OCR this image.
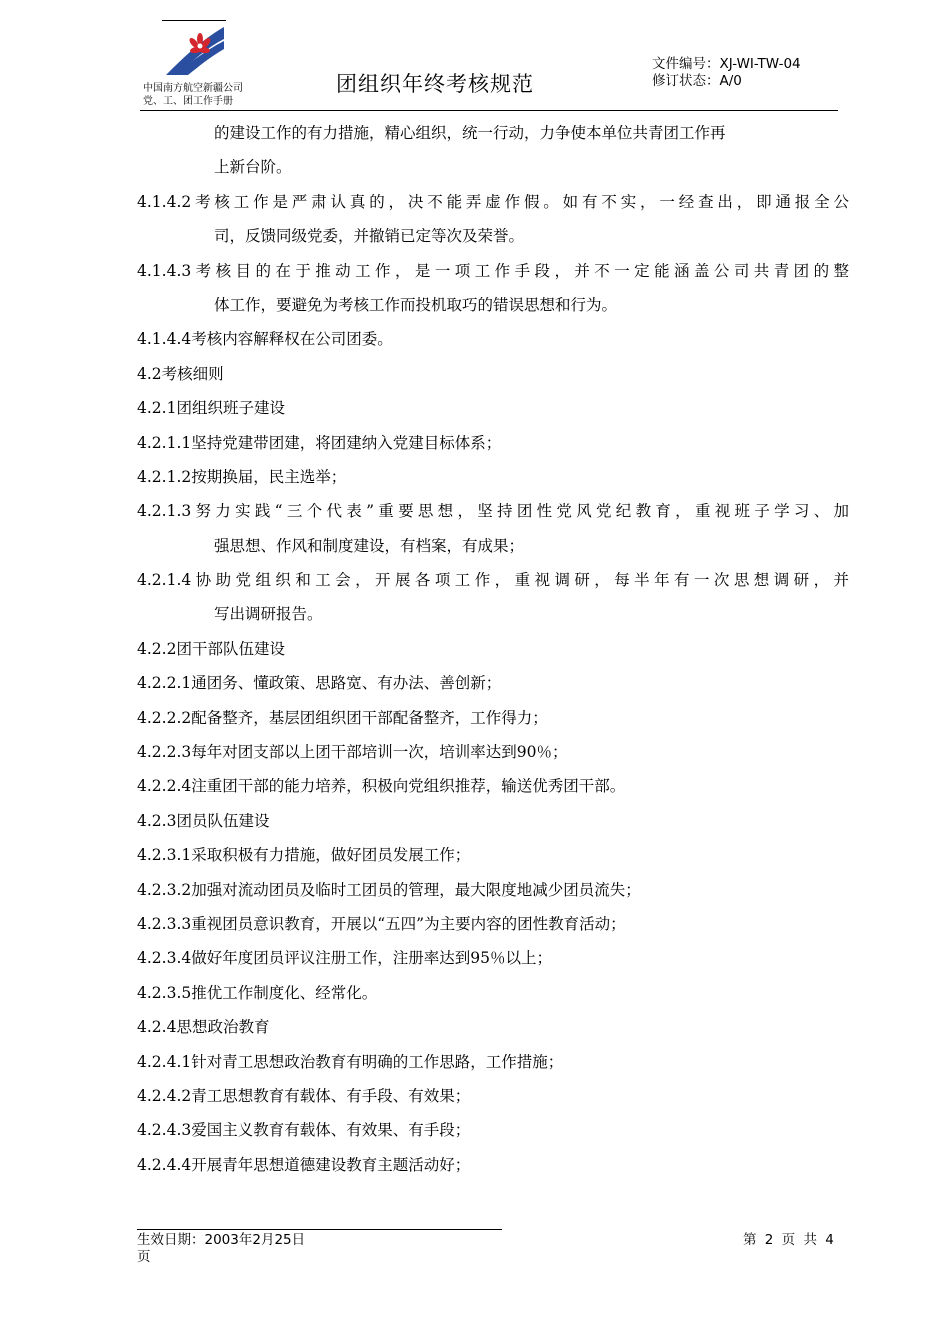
中国南方航空新疆公司
党、工、团工作手册
团组织年终考核规范
文件编号：XJ-WI-TW-04
修订状态：A/0
的建设工作的有力措施，精心组织，统一行动，力争使本单位共青团工作再
上新台阶。
4.1.4.2考核工作是严肃认真的，决不能弄虚作假。如有不实，一经查出，即通报全公
司，反馈同级党委，并撤销已定等次及荣誉。
4.1.4.3考核目的在于推动工作，是一项工作手段，并不一定能涵盖公司共青团的整
体工作，要避免为考核工作而投机取巧的错误思想和行为。
4.1.4.4考核内容解释权在公司团委。
4.2考核细则
4.2.1团组织班子建设
4.2.1.1坚持党建带团建，将团建纳入党建目标体系；
4.2.1.2按期换届，民主选举；
4.2.1.3努力实践“三个代表”重要思想，坚持团性党风党纪教育，重视班子学习、加
强思想、作风和制度建设，有档案，有成果；
4.2.1.4协助党组织和工会，开展各项工作，重视调研，每半年有一次思想调研，并
写出调研报告。
4.2.2团干部队伍建设
4.2.2.1通团务、懂政策、思路宽、有办法、善创新；
4.2.2.2配备整齐，基层团组织团干部配备整齐，工作得力；
4.2.2.3每年对团支部以上团干部培训一次，培训率达到90％；
4.2.2.4注重团干部的能力培养，积极向党组织推荐，输送优秀团干部。
4.2.3团员队伍建设
4.2.3.1采取积极有力措施，做好团员发展工作；
4.2.3.2加强对流动团员及临时工团员的管理，最大限度地减少团员流失；
4.2.3.3重视团员意识教育，开展以“五四”为主要内容的团性教育活动；
4.2.3.4做好年度团员评议注册工作，注册率达到95％以上；
4.2.3.5推优工作制度化、经常化。
4.2.4思想政治教育
4.2.4.1针对青工思想政治教育有明确的工作思路，工作措施；
4.2.4.2青工思想教育有载体、有手段、有效果；
4.2.4.3爱国主义教育有载体、有效果、有手段；
4.2.4.4开展青年思想道德建设教育主题活动好；
生效日期：2003年2月25日
页
第 2 页 共 4
